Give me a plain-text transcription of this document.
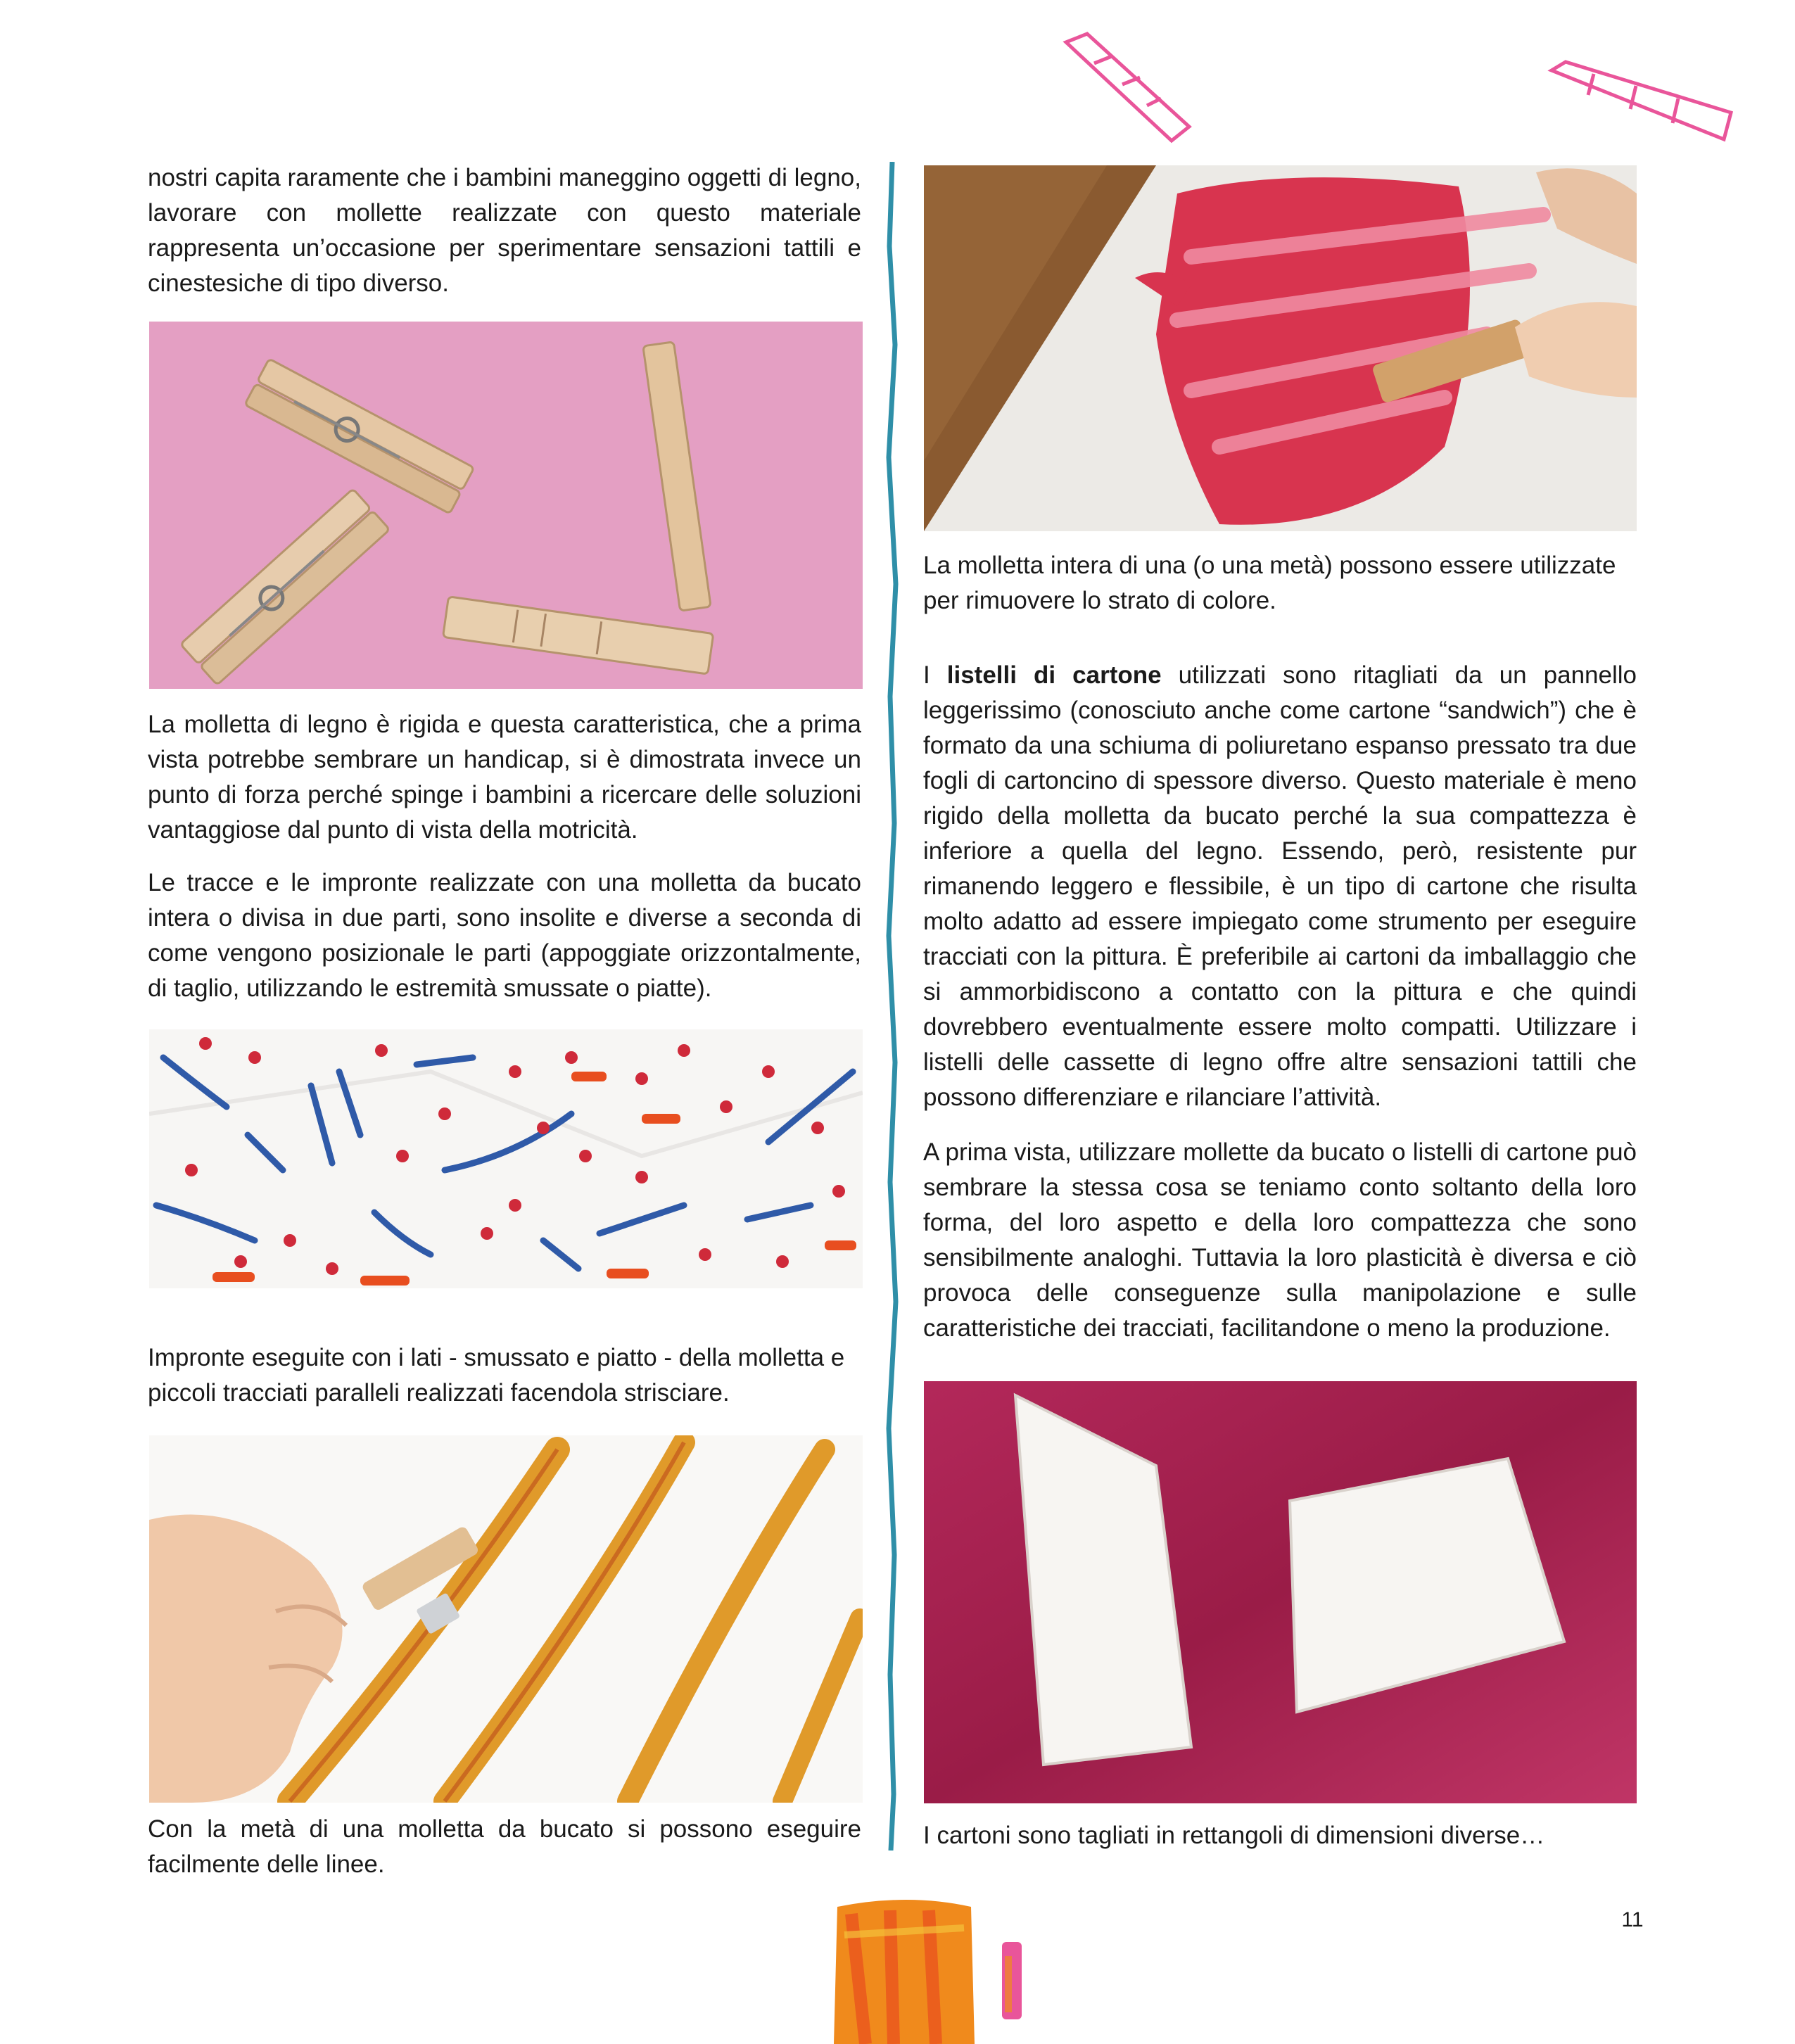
nostri capita raramente che i bambini maneggino oggetti di legno, lavorare con mollette realizzate con questo materiale rappresenta un’occasione per sperimentare sensazioni tattili e cinestesiche di tipo diverso.

La molletta di legno è rigida e questa caratteristica, che a prima vista potrebbe sembrare un handicap, si è dimostrata invece un punto di forza perché spinge i bambini a ricercare delle soluzioni vantaggiose dal punto di vista della motricità.

Le tracce e le impronte realizzate con una molletta da bucato intera o divisa in due parti, sono insolite e diverse a seconda di come vengono posizionale le parti (appoggiate orizzontalmente, di taglio, utilizzando le estremità smussate o piatte).

Impronte eseguite con i lati - smussato e piatto - della molletta e piccoli tracciati paralleli realizzati facendola strisciare.

Con la metà di una molletta da bucato si possono eseguire facilmente delle linee.

La molletta intera di una (o una metà) possono essere utilizzate per rimuovere lo strato di colore.

I listelli di cartone utilizzati sono ritagliati da un pannello leggerissimo (conosciuto anche come cartone “sandwich”) che è formato da una schiuma di poliuretano espanso pressato tra due fogli di cartoncino di spessore diverso. Questo materiale è meno rigido della molletta da bucato perché la sua compattezza è inferiore a quella del legno. Essendo, però, resistente pur rimanendo leggero e flessibile, è un tipo di cartone che risulta molto adatto ad essere impiegato come strumento per eseguire tracciati con la pittura. È preferibile ai cartoni da imballaggio che si ammorbidiscono a contatto con la pittura e che quindi dovrebbero eventualmente essere molto compatti. Utilizzare i listelli delle cassette di legno offre altre sensazioni tattili che possono differenziare e rilanciare l’attività.

A prima vista, utilizzare mollette da bucato o listelli di cartone può sembrare la stessa cosa se teniamo conto soltanto della loro forma, del loro aspetto e della loro compattezza che sono sensibilmente analoghi. Tuttavia la loro plasticità è diversa e ciò provoca delle conseguenze sulla manipolazione e sulle caratteristiche dei tracciati, facilitandone o meno la produzione.

I cartoni sono tagliati in rettangoli di dimensioni diverse…

11
